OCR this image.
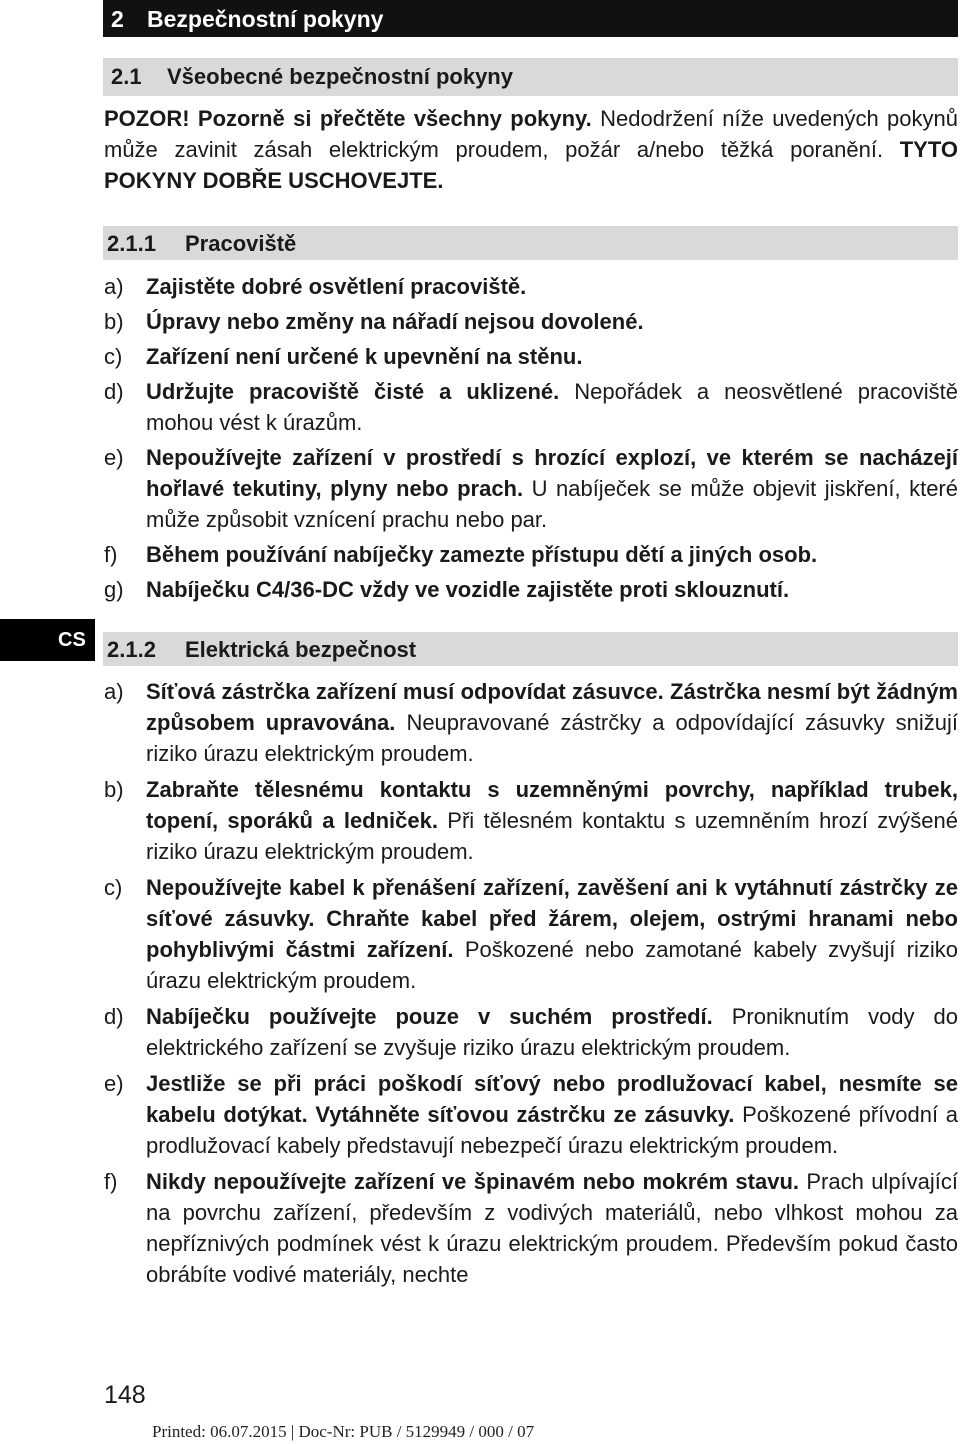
2 Bezpečnostní pokyny
2.1 Všeobecné bezpečnostní pokyny
POZOR! Pozorně si přečtěte všechny pokyny. Nedodržení níže uvedených pokynů může zavinit zásah elektrickým proudem, požár a/nebo těžká poranění. TYTO POKYNY DOBŘE USCHOVEJTE.
2.1.1 Pracoviště
a) Zajistěte dobré osvětlení pracoviště.
b) Úpravy nebo změny na nářadí nejsou dovolené.
c) Zařízení není určené k upevnění na stěnu.
d) Udržujte pracoviště čisté a uklizené. Nepořádek a neosvětlené pracoviště mohou vést k úrazům.
e) Nepoužívejte zařízení v prostředí s hrozící explozí, ve kterém se nacházejí hořlavé tekutiny, plyny nebo prach. U nabíječek se může objevit jiskření, které může způsobit vznícení prachu nebo par.
f) Během používání nabíječky zamezte přístupu dětí a jiných osob.
g) Nabíječku C4/36-DC vždy ve vozidle zajistěte proti sklouznutí.
CS 2.1.2 Elektrická bezpečnost
a) Síťová zástrčka zařízení musí odpovídat zásuvce. Zástrčka nesmí být žádným způsobem upravována. Neupravované zástrčky a odpovídající zásuvky snižují riziko úrazu elektrickým proudem.
b) Zabraňte tělesnému kontaktu s uzemněnými povrchy, například trubek, topení, sporáků a ledniček. Při tělesném kontaktu s uzemněním hrozí zvýšené riziko úrazu elektrickým proudem.
c) Nepoužívejte kabel k přenášení zařízení, zavěšení ani k vytáhnutí zástrčky ze síťové zásuvky. Chraňte kabel před žárem, olejem, ostrými hranami nebo pohyblivými částmi zařízení. Poškozené nebo zamotané kabely zvyšují riziko úrazu elektrickým proudem.
d) Nabíječku používejte pouze v suchém prostředí. Proniknutím vody do elektrického zařízení se zvyšuje riziko úrazu elektrickým proudem.
e) Jestliže se při práci poškodí síťový nebo prodlužovací kabel, nesmíte se kabelu dotýkat. Vytáhněte síťovou zástrčku ze zásuvky. Poškozené přívodní a prodlužovací kabely představují nebezpečí úrazu elektrickým proudem.
f) Nikdy nepoužívejte zařízení ve špinavém nebo mokrém stavu. Prach ulpívající na povrchu zařízení, především z vodivých materiálů, nebo vlhkost mohou za nepříznivých podmínek vést k úrazu elektrickým proudem. Především pokud často obrábíte vodivé materiály, nechte
148
Printed: 06.07.2015 | Doc-Nr: PUB / 5129949 / 000 / 07
